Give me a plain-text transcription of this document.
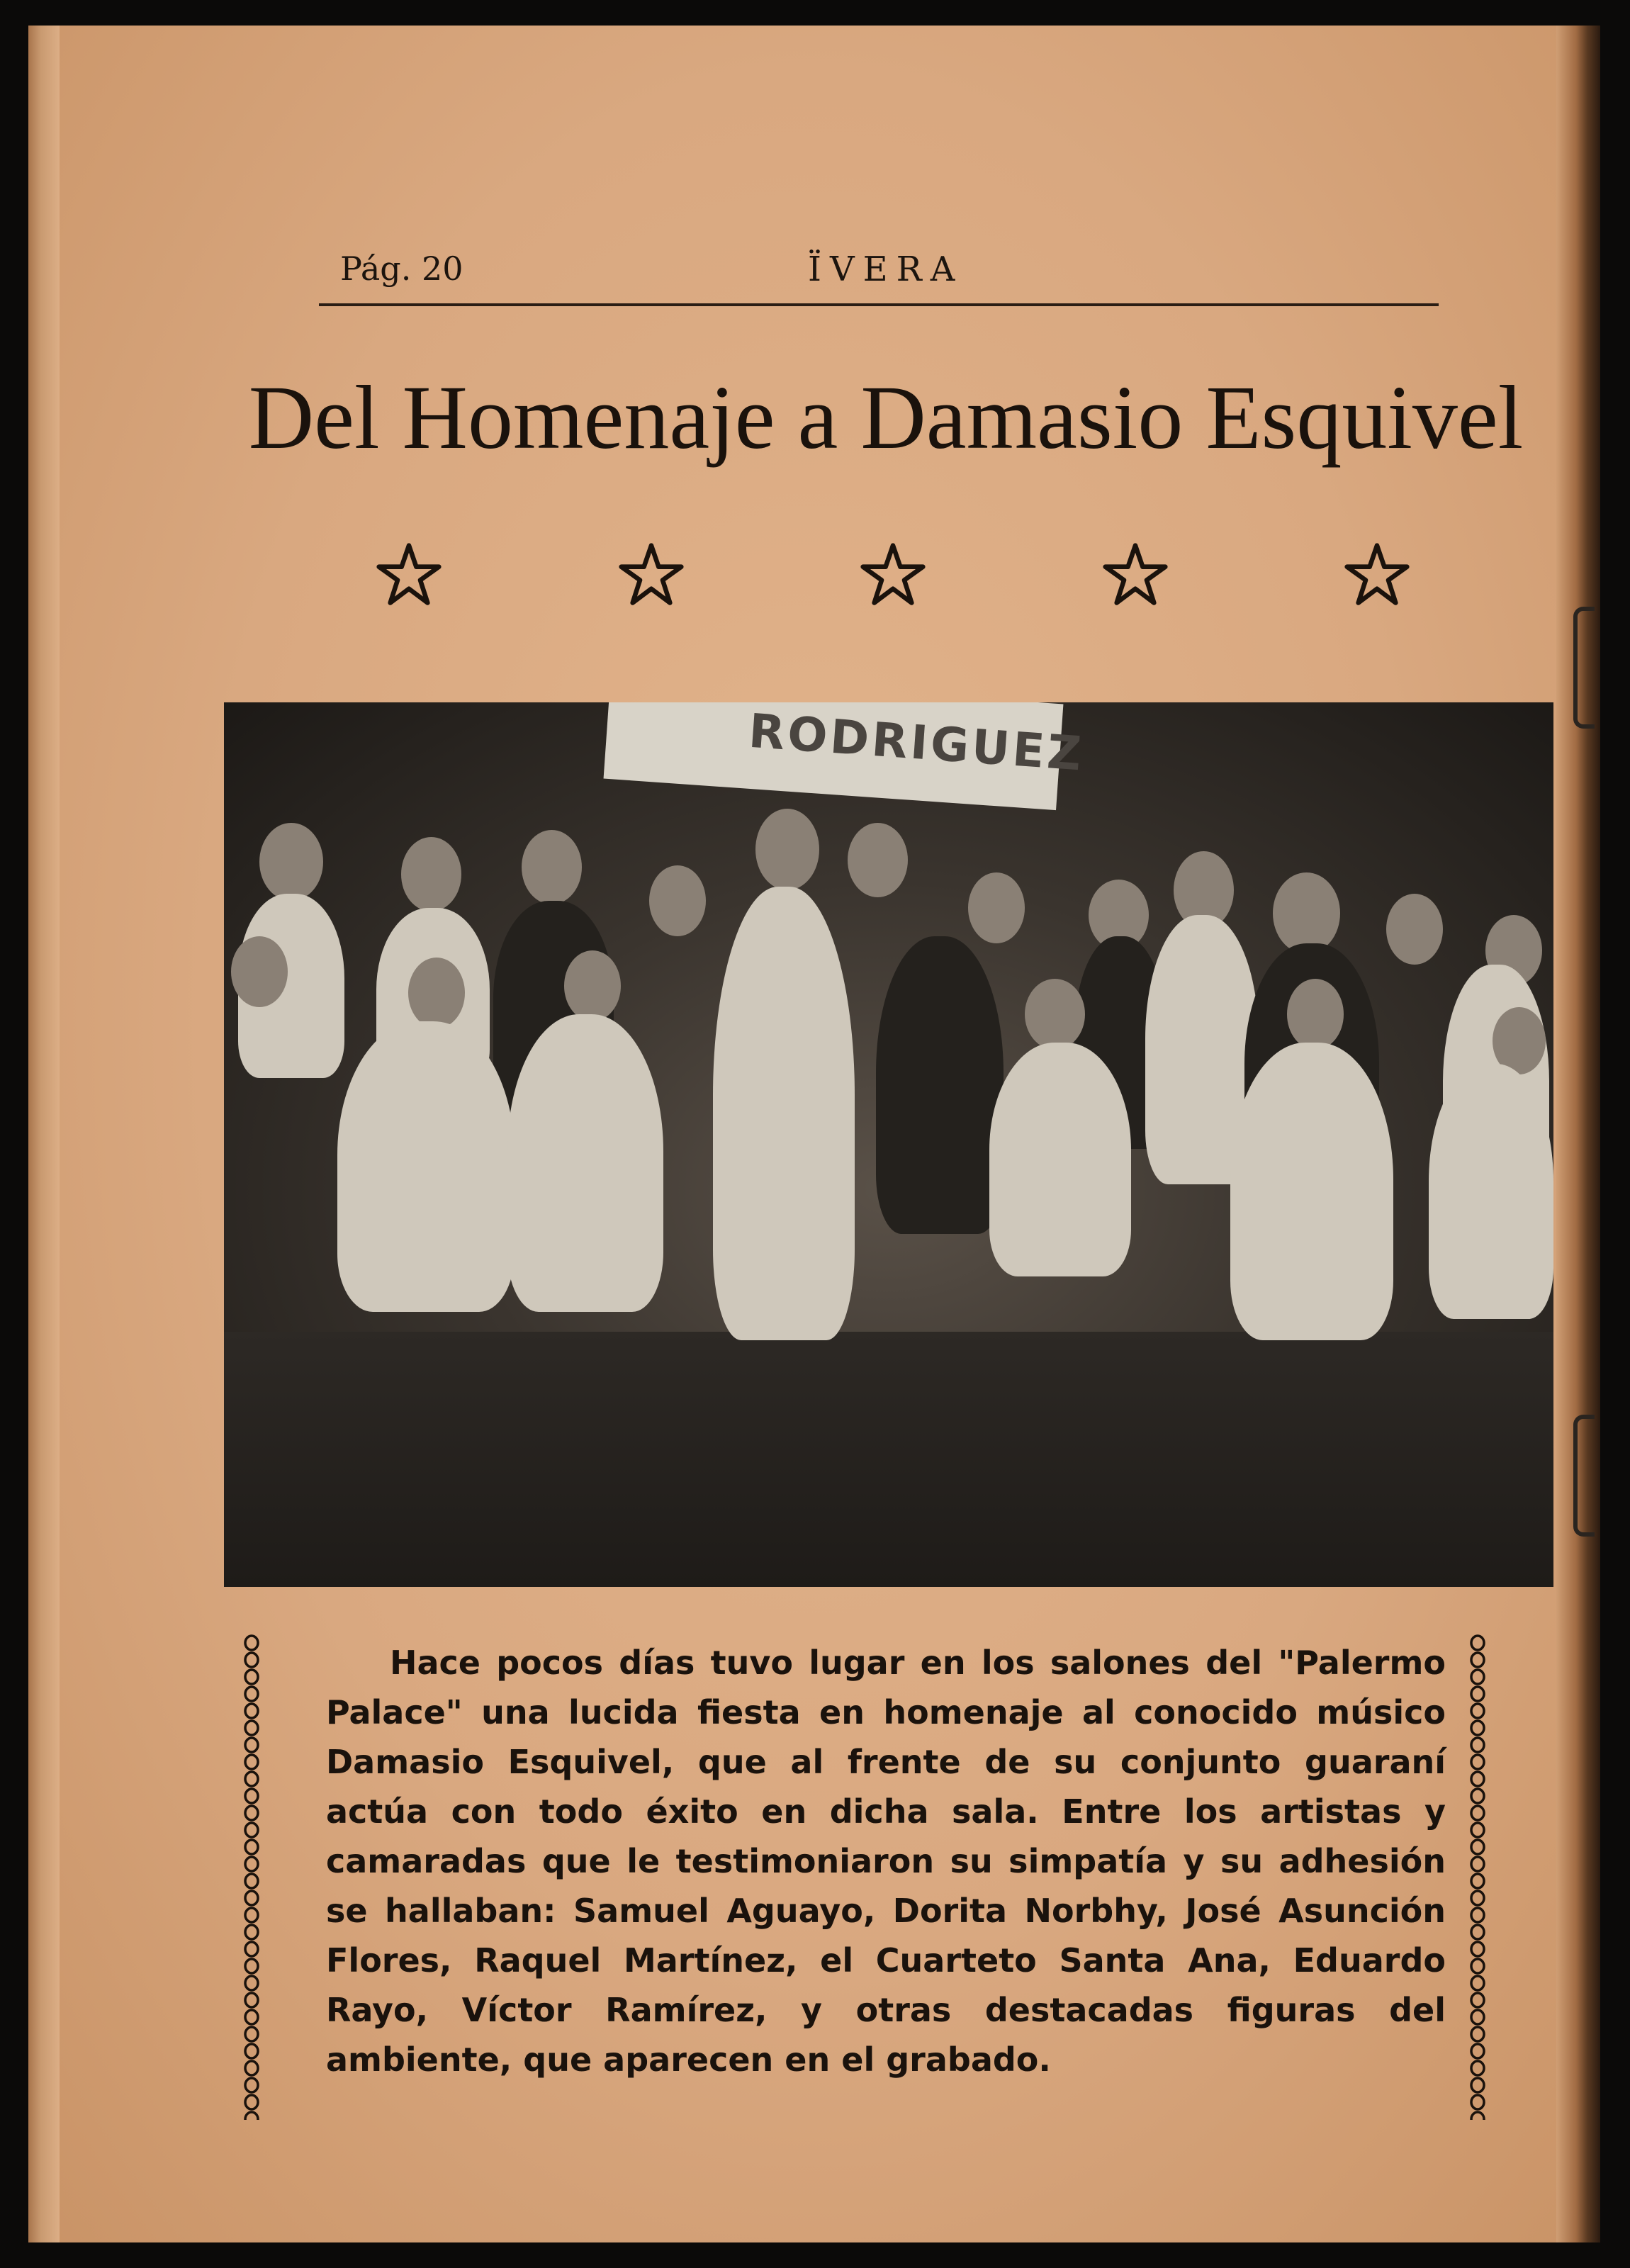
Pág. 20	ÏVERA
Del Homenaje a Damasio Esquivel
RODRIGUEZ

Hace pocos días tuvo lugar en los salones del "Palermo Palace" una lucida fiesta en homenaje al conocido músico Damasio Esquivel, que al frente de su conjunto guaraní actúa con todo éxito en dicha sala. Entre los artistas y camaradas que le testimoniaron su simpatía y su adhesión se hallaban: Samuel Aguayo, Dorita Norbhy, José Asunción Flores, Raquel Martínez, el Cuarteto Santa Ana, Eduardo Rayo, Víctor Ramírez, y otras destacadas figuras del ambiente, que aparecen en el grabado.
